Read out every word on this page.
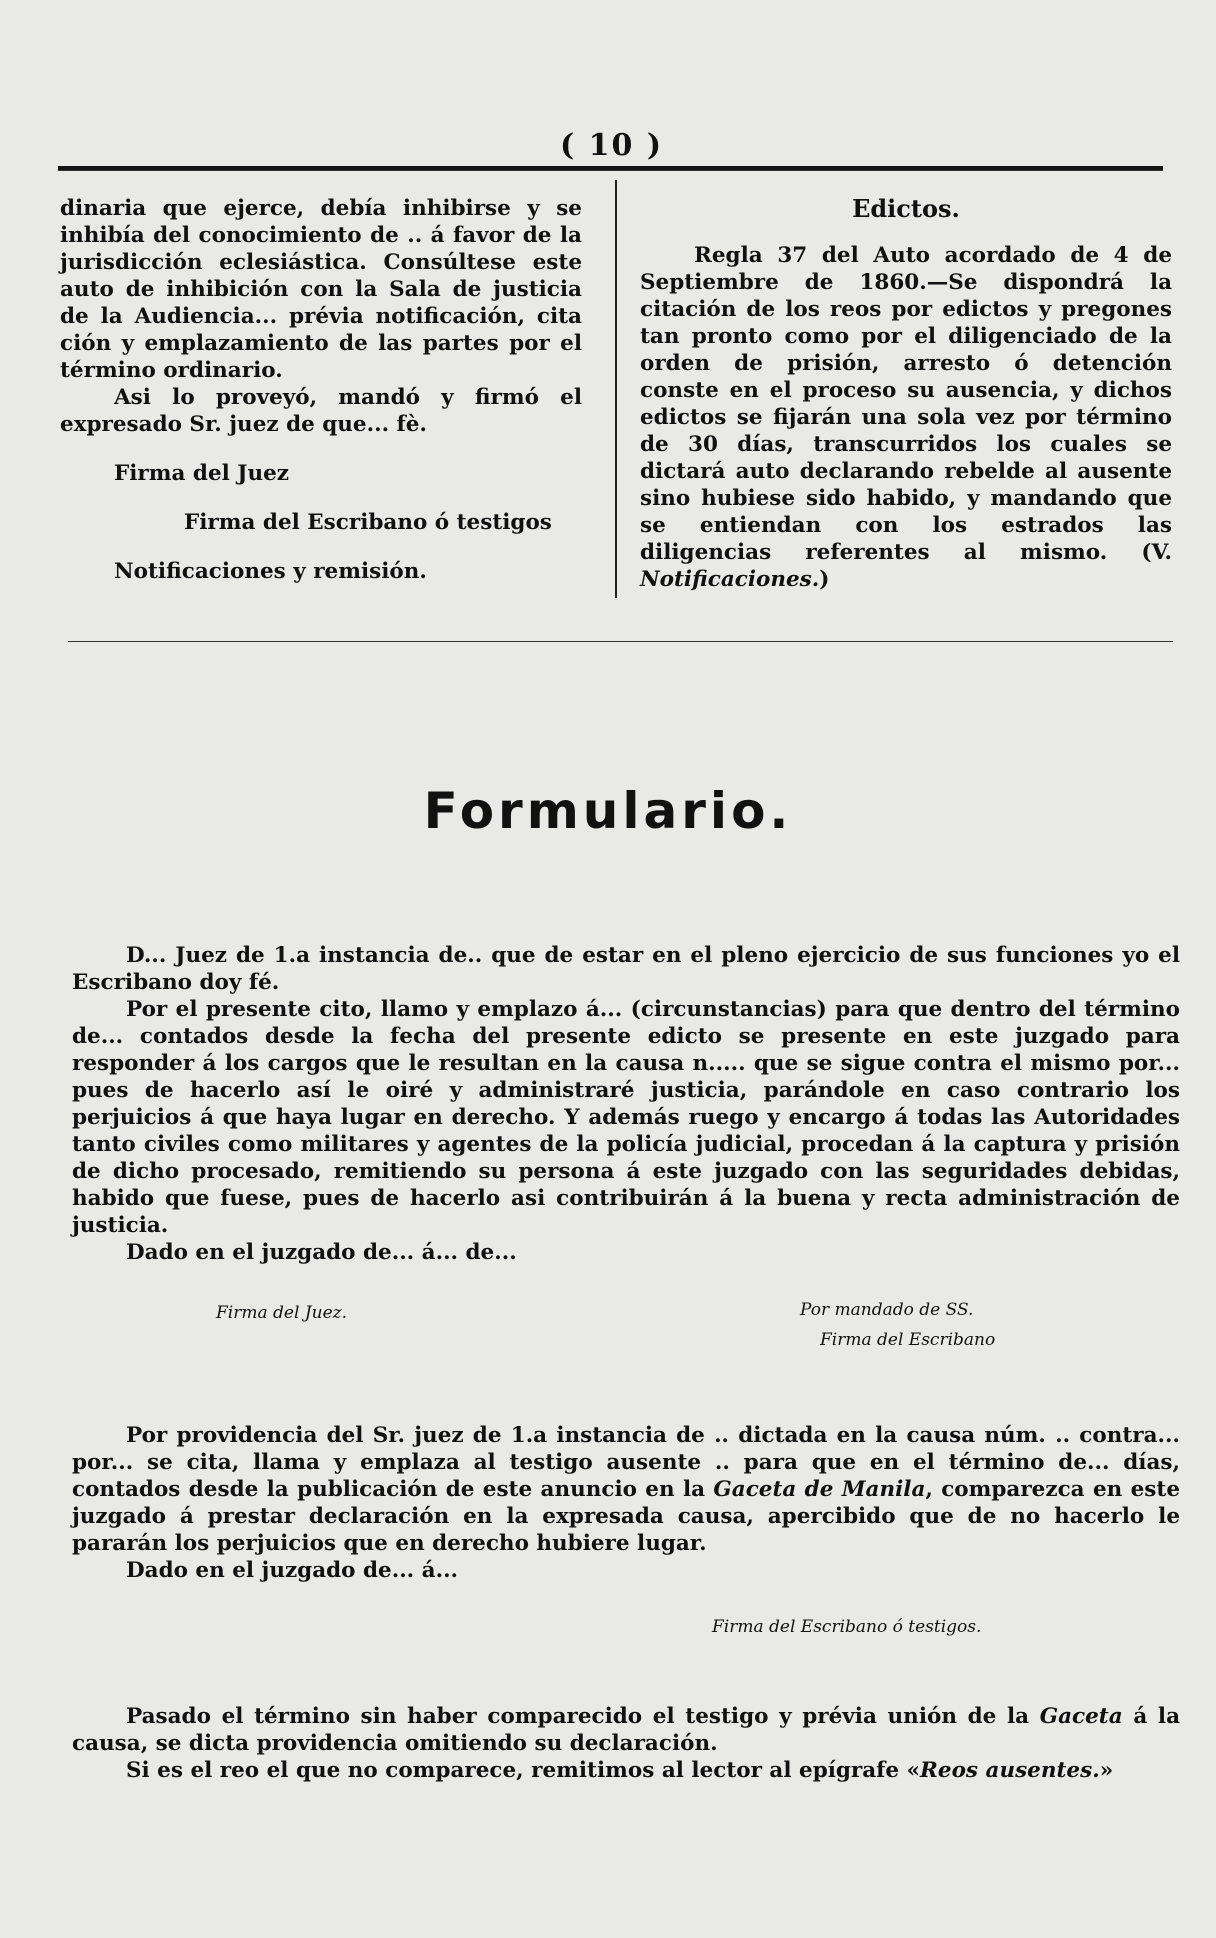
( 10 )

dinaria que ejerce, debía inhibirse y se inhibía del conocimiento de .. á favor de la jurisdicción eclesiástica. Consúltese este auto de inhibición con la Sala de justicia de la Audiencia... prévia notificación, cita ción y emplazamiento de las partes por el término ordinario.

Asi lo proveyó, mandó y firmó el expresado Sr. juez de que... fè.

Firma del Juez

Firma del Escribano ó testigos

Notificaciones y remisión.

Edictos.

Regla 37 del Auto acordado de 4 de Septiembre de 1860.—Se dispondrá la citación de los reos por edictos y pregones tan pronto como por el diligenciado de la orden de prisión, arresto ó detención conste en el proceso su ausencia, y dichos edictos se fijarán una sola vez por término de 30 días, transcurridos los cuales se dictará auto declarando rebelde al ausente sino hubiese sido habido, y mandando que se entiendan con los estrados las diligencias referentes al mismo. (V. Notificaciones.)

Formulario.

D... Juez de 1.a instancia de.. que de estar en el pleno ejercicio de sus funciones yo el Escribano doy fé.

Por el presente cito, llamo y emplazo á... (circunstancias) para que dentro del término de... contados desde la fecha del presente edicto se presente en este juzgado para responder á los cargos que le resultan en la causa n..... que se sigue contra el mismo por... pues de hacerlo así le oiré y administraré justicia, parándole en caso contrario los perjuicios á que haya lugar en derecho. Y además ruego y encargo á todas las Autoridades tanto civiles como militares y agentes de la policía judicial, procedan á la captura y prisión de dicho procesado, remitiendo su persona á este juzgado con las seguridades debidas, habido que fuese, pues de hacerlo asi contribuirán á la buena y recta administración de justicia.

Dado en el juzgado de... á... de...

Firma del Juez.	Por mandado de SS.
Firma del Escribano

Por providencia del Sr. juez de 1.a instancia de .. dictada en la causa núm. .. contra... por... se cita, llama y emplaza al testigo ausente .. para que en el término de... días, contados desde la publicación de este anuncio en la Gaceta de Manila, comparezca en este juzgado á prestar declaración en la expresada causa, apercibido que de no hacerlo le pararán los perjuicios que en derecho hubiere lugar.

Dado en el juzgado de... á...

Firma del Escribano ó testigos.

Pasado el término sin haber comparecido el testigo y prévia unión de la Gaceta á la causa, se dicta providencia omitiendo su declaración.

Si es el reo el que no comparece, remitimos al lector al epígrafe «Reos ausentes.»
